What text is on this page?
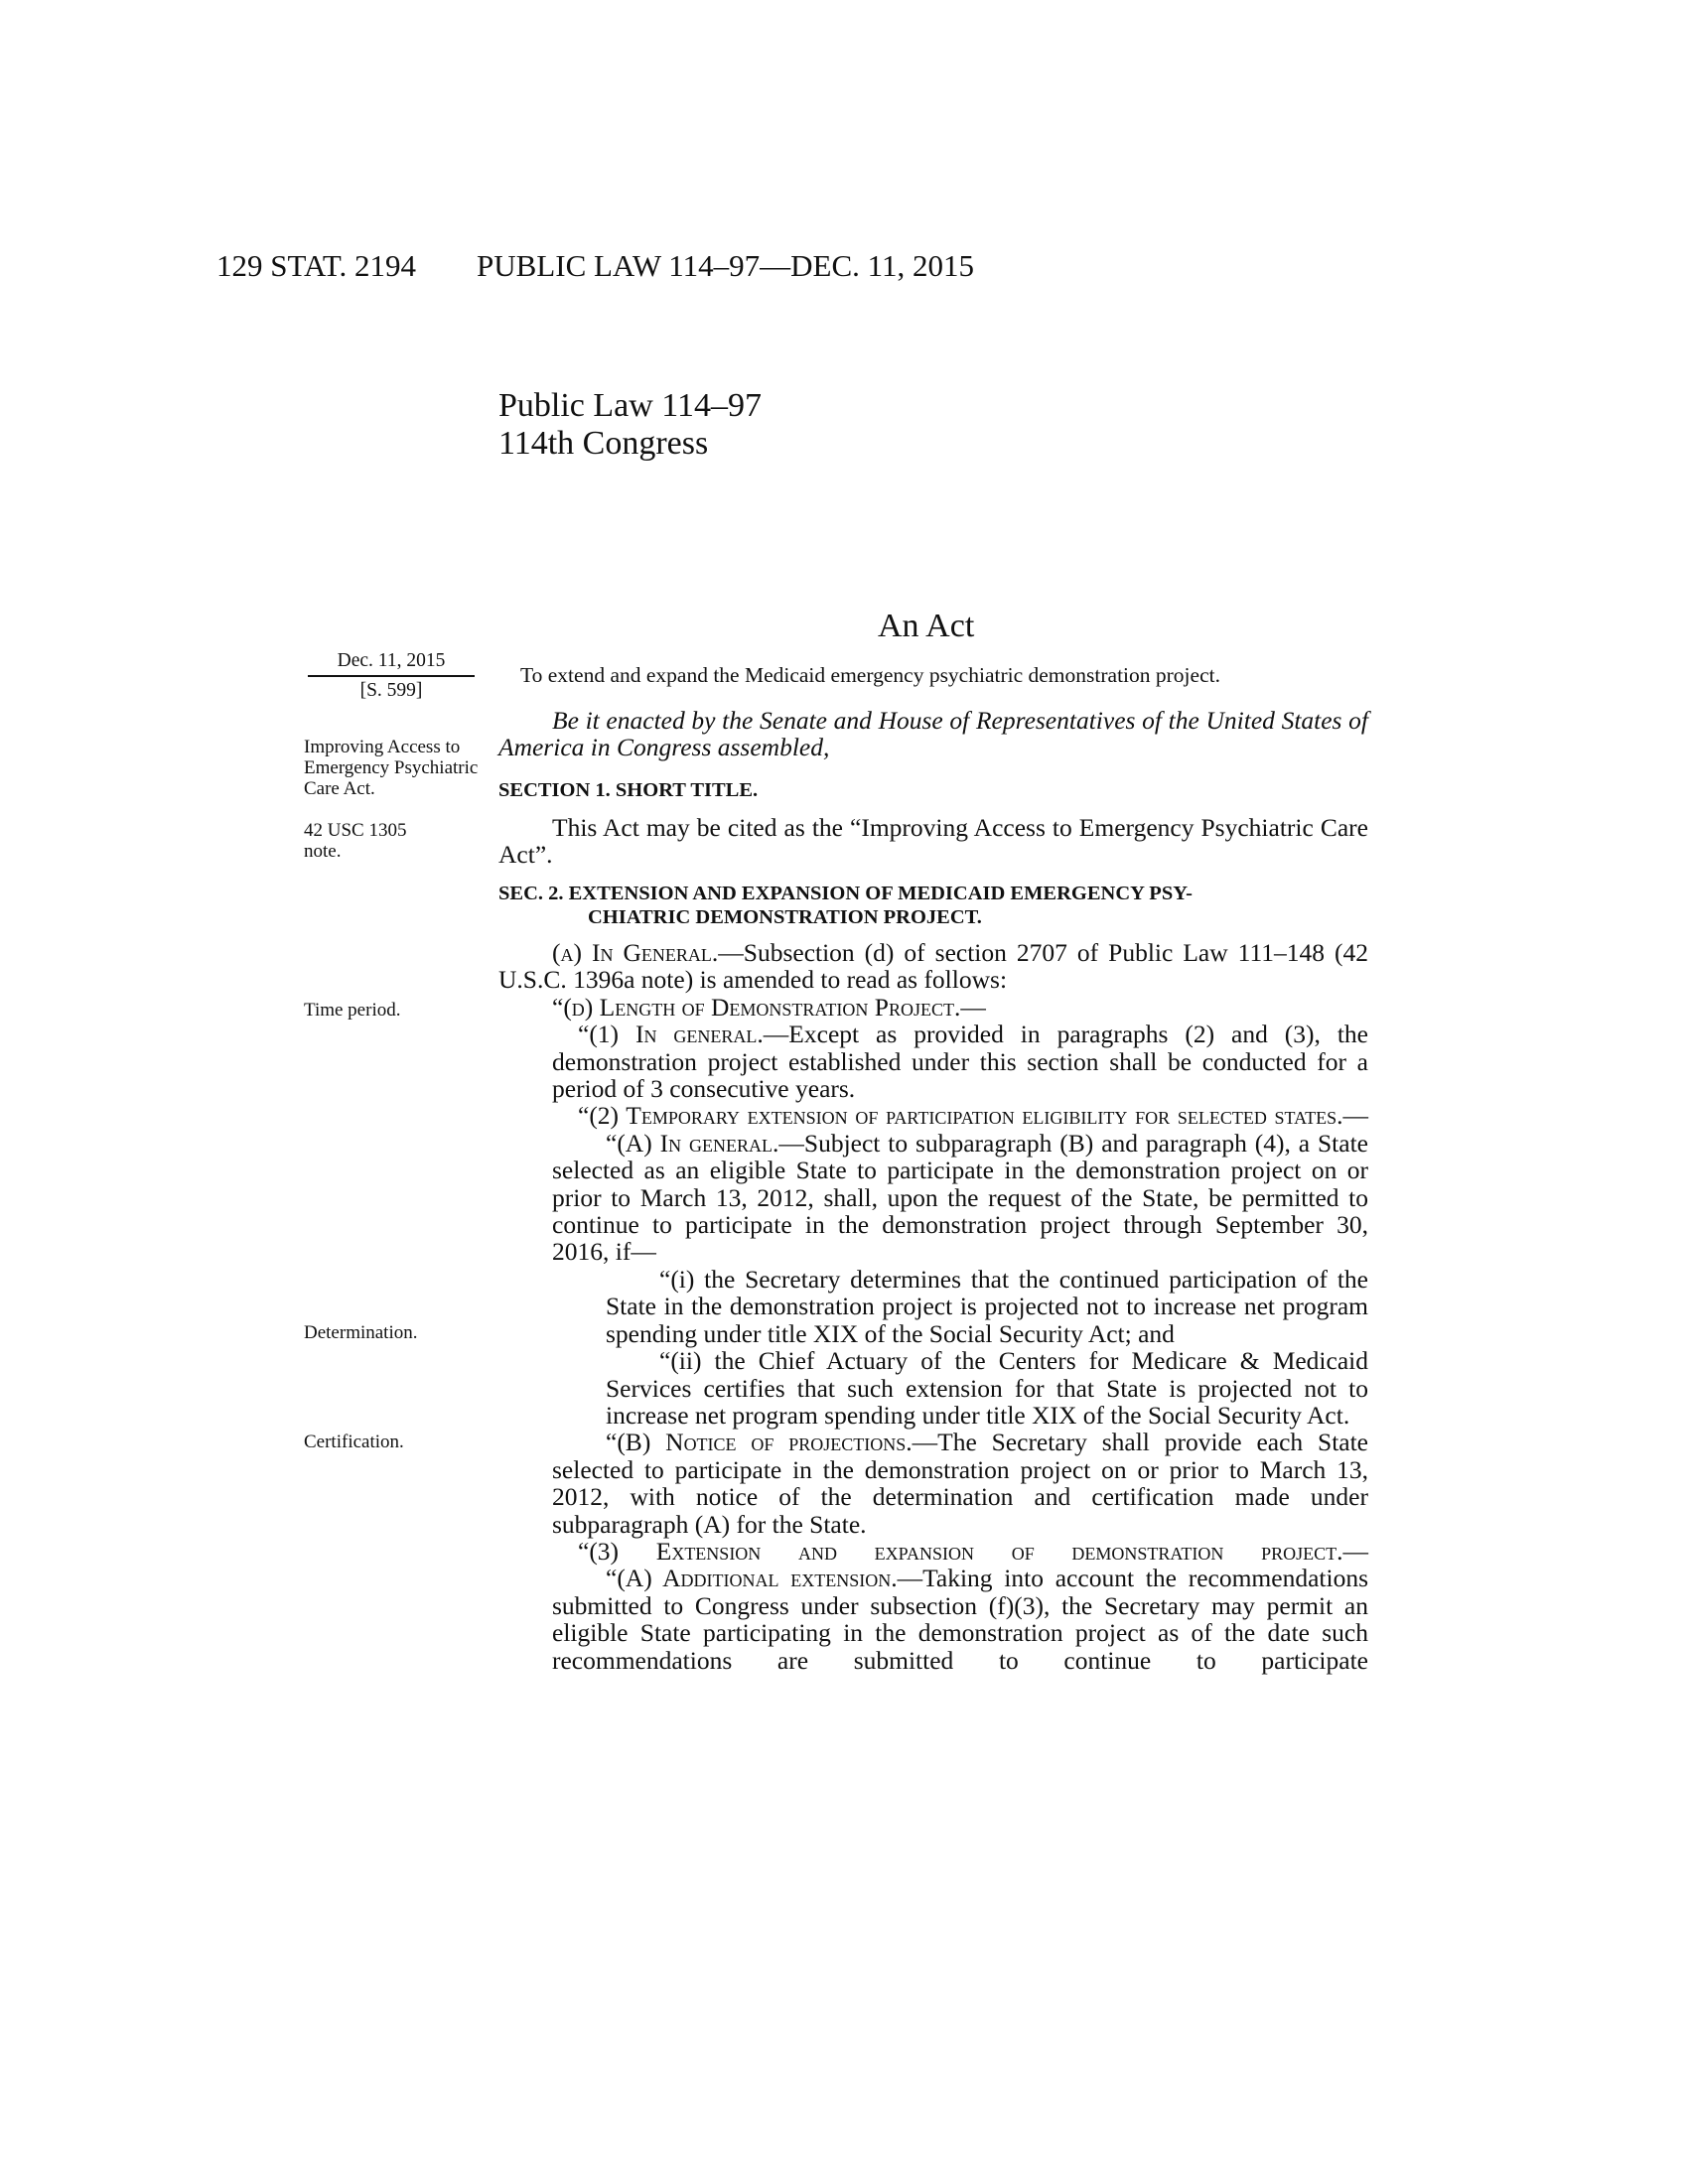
129 STAT. 2194 PUBLIC LAW 114–97—DEC. 11, 2015
Public Law 114–97
114th Congress
An Act
To extend and expand the Medicaid emergency psychiatric demonstration project.
Dec. 11, 2015
[S. 599]
Improving Access to Emergency Psychiatric Care Act.
42 USC 1305 note.
Time period.
Determination.
Certification.

Be it enacted by the Senate and House of Representatives of the United States of America in Congress assembled,

SECTION 1. SHORT TITLE.

This Act may be cited as the “Improving Access to Emergency Psychiatric Care Act”.

SEC. 2. EXTENSION AND EXPANSION OF MEDICAID EMERGENCY PSY-
CHIATRIC DEMONSTRATION PROJECT.

(a) In General.—Subsection (d) of section 2707 of Public Law 111–148 (42 U.S.C. 1396a note) is amended to read as follows:

“(d) Length of Demonstration Project.—

“(1) In general.—Except as provided in paragraphs (2) and (3), the demonstration project established under this section shall be conducted for a period of 3 consecutive years.

“(2) Temporary extension of participation eligibility for selected states.—

“(A) In general.—Subject to subparagraph (B) and paragraph (4), a State selected as an eligible State to participate in the demonstration project on or prior to March 13, 2012, shall, upon the request of the State, be permitted to continue to participate in the demonstration project through September 30, 2016, if—

“(i) the Secretary determines that the continued participation of the State in the demonstration project is projected not to increase net program spending under title XIX of the Social Security Act; and

“(ii) the Chief Actuary of the Centers for Medicare & Medicaid Services certifies that such extension for that State is projected not to increase net program spending under title XIX of the Social Security Act.

“(B) Notice of projections.—The Secretary shall provide each State selected to participate in the demonstration project on or prior to March 13, 2012, with notice of the determination and certification made under subparagraph (A) for the State.

“(3) Extension and expansion of demonstration project.—

“(A) Additional extension.—Taking into account the recommendations submitted to Congress under subsection (f)(3), the Secretary may permit an eligible State participating in the demonstration project as of the date such recommendations are submitted to continue to participate
